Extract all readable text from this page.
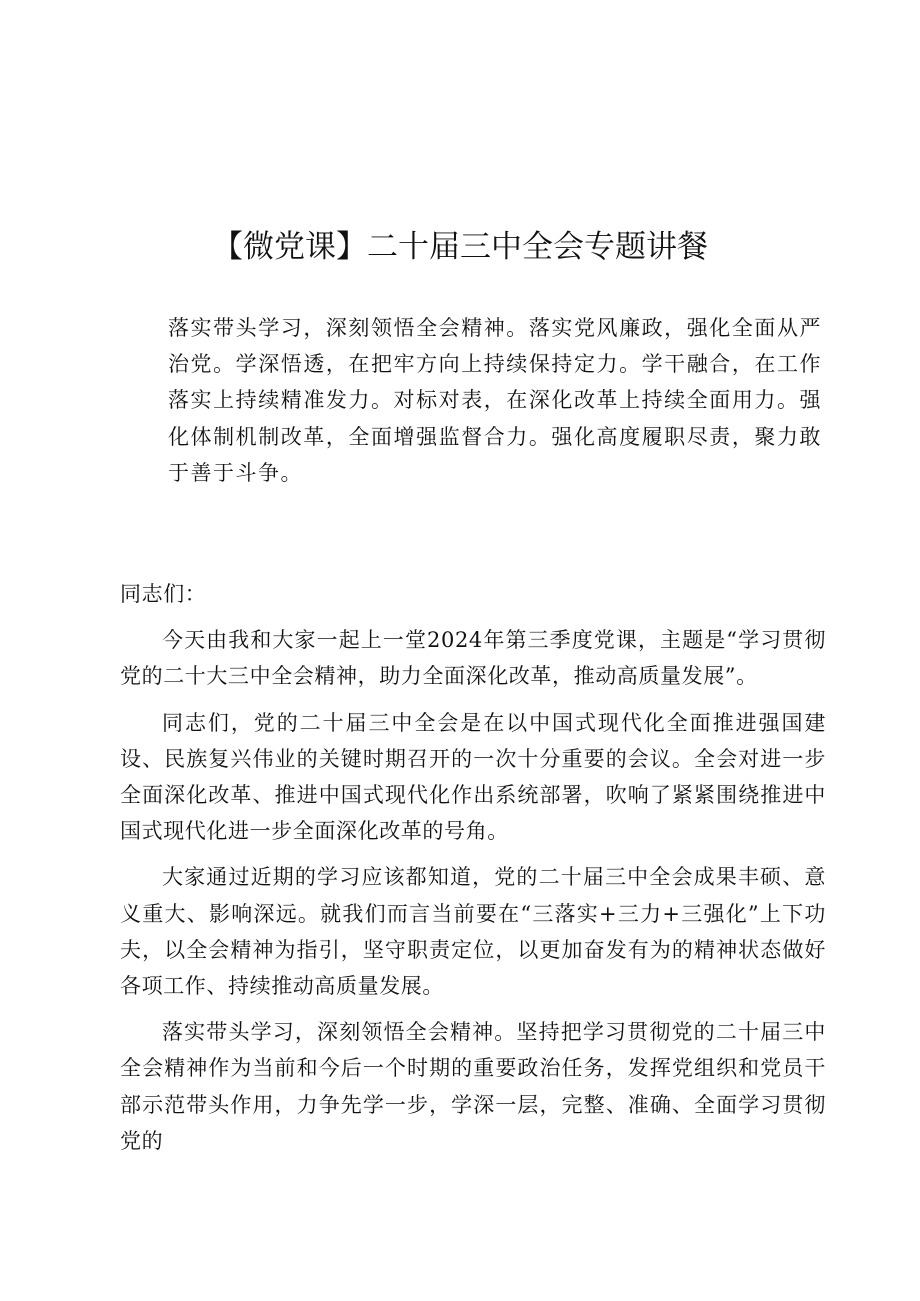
【微党课】二十届三中全会专题讲餐

落实带头学习，深刻领悟全会精神。落实党风廉政，强化全面从严治党。学深悟透，在把牢方向上持续保持定力。学干融合，在工作落实上持续精准发力。对标对表，在深化改革上持续全面用力。强化体制机制改革，全面增强监督合力。强化高度履职尽责，聚力敢于善于斗争。

同志们：

今天由我和大家一起上一堂2024年第三季度党课，主题是“学习贯彻党的二十大三中全会精神，助力全面深化改革，推动高质量发展”。

同志们，党的二十届三中全会是在以中国式现代化全面推进强国建设、民族复兴伟业的关键时期召开的一次十分重要的会议。全会对进一步全面深化改革、推进中国式现代化作出系统部署，吹响了紧紧围绕推进中国式现代化进一步全面深化改革的号角。

大家通过近期的学习应该都知道，党的二十届三中全会成果丰硕、意义重大、影响深远。就我们而言当前要在“三落实+三力+三强化”上下功夫，以全会精神为指引，坚守职责定位，以更加奋发有为的精神状态做好各项工作、持续推动高质量发展。

落实带头学习，深刻领悟全会精神。坚持把学习贯彻党的二十届三中全会精神作为当前和今后一个时期的重要政治任务，发挥党组织和党员干部示范带头作用，力争先学一步，学深一层，完整、准确、全面学习贯彻党的
